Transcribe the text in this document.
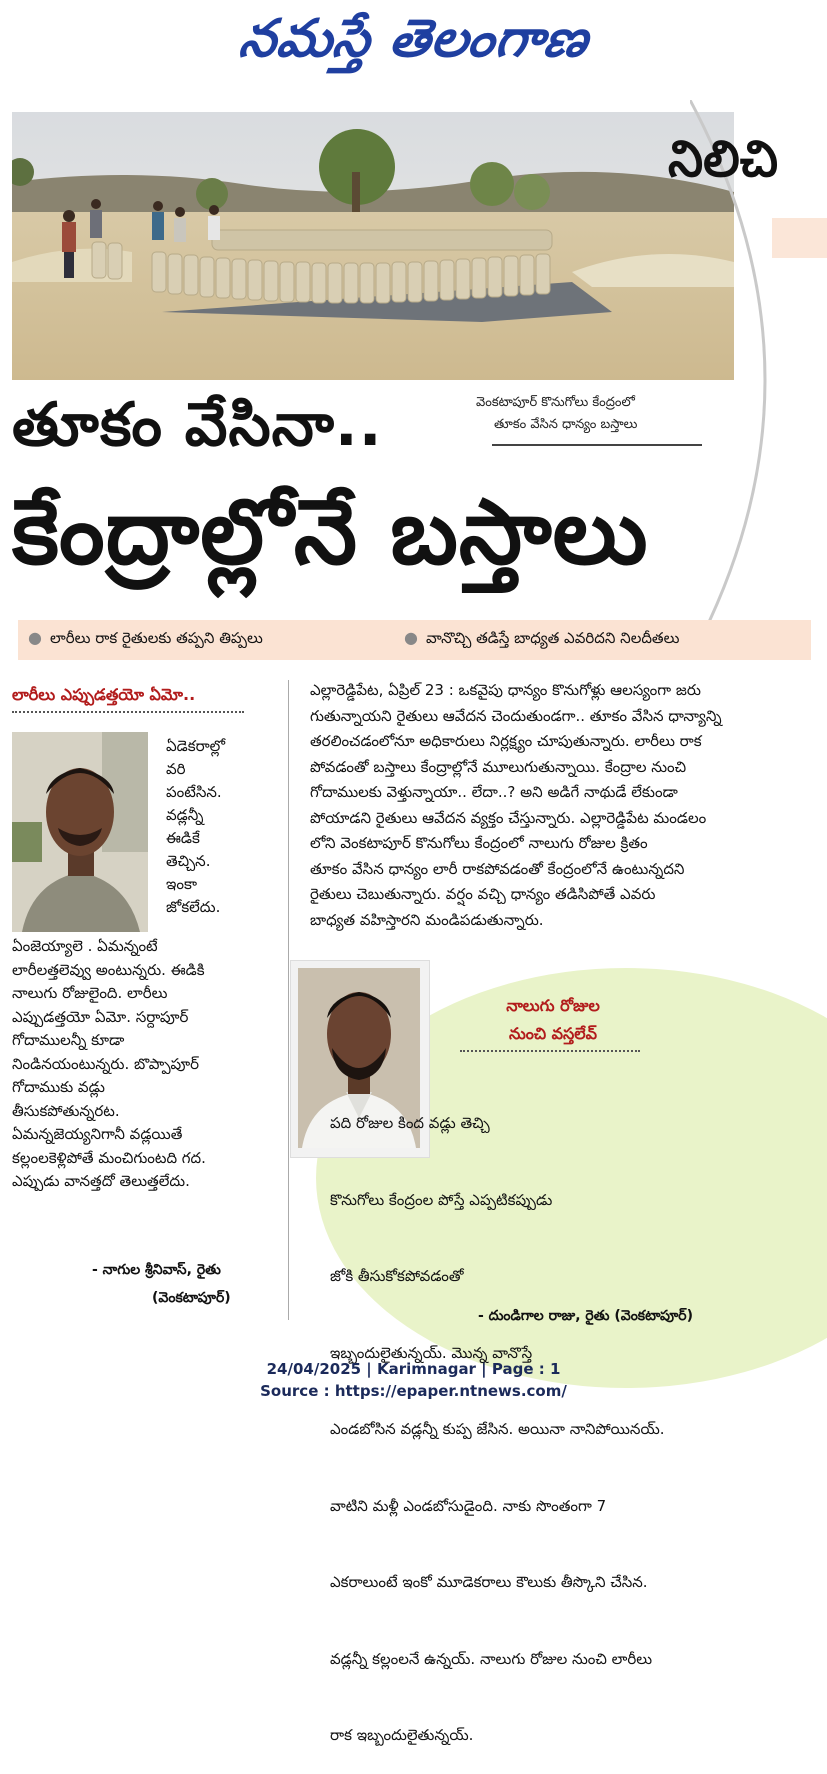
నమస్తే తెలంగాణ
నిలిచి
వెంకటాపూర్ కొనుగోలు కేంద్రంలో
తూకం వేసిన ధాన్యం బస్తాలు
తూకం వేసినా..
కేంద్రాల్లోనే బస్తాలు
● లారీలు రాక రైతులకు తప్పని తిప్పలు	● వానొచ్చి తడిస్తే బాధ్యత ఎవరిదని నిలదీతలు
లారీలు ఎప్పుడత్తయో ఏమో..
ఏడెకరాల్లో
వరి
పంటేసిన.
వడ్లన్నీ
ఈడికే
తెచ్చిన.
ఇంకా
జోకలేదు.
ఏంజెయ్యాలె . ఏమన్నంటే
లారీలత్తలెవ్వు అంటున్నరు. ఈడికి
నాలుగు రోజులైంది. లారీలు
ఎప్పుడత్తయో ఏమో. సర్దాపూర్
గోదాములన్నీ కూడా
నిండినయంటున్నరు. బొప్పాపూర్
గోదాముకు వడ్లు
తీసుకపోతున్నరట.
ఏమన్నజెయ్యనిగానీ వడ్లయితే
కల్లంలకెళ్లిపోతే మంచిగుంటది గద.
ఎప్పుడు వానత్తదో తెలుత్తలేదు.
- నాగుల శ్రీనివాస్, రైతు
(వెంకటాపూర్)
ఎల్లారెడ్డిపేట, ఏప్రిల్ 23 : ఒకవైపు ధాన్యం కొనుగోళ్లు ఆలస్యంగా జరు
గుతున్నాయని రైతులు ఆవేదన చెందుతుండగా.. తూకం వేసిన ధాన్యాన్ని
తరలించడంలోనూ అధికారులు నిర్లక్ష్యం చూపుతున్నారు. లారీలు రాక
పోవడంతో బస్తాలు కేంద్రాల్లోనే మూలుగుతున్నాయి. కేంద్రాల నుంచి
గోదాములకు వెళ్తున్నాయా.. లేదా..? అని అడిగే నాథుడే లేకుండా
పోయాడని రైతులు ఆవేదన వ్యక్తం చేస్తున్నారు. ఎల్లారెడ్డిపేట మండలం
లోని వెంకటాపూర్ కొనుగోలు కేంద్రంలో నాలుగు రోజుల క్రితం
తూకం వేసిన ధాన్యం లారీ రాకపోవడంతో కేంద్రంలోనే ఉంటున్నదని
రైతులు చెబుతున్నారు. వర్షం వచ్చి ధాన్యం తడిసిపోతే ఎవరు
బాధ్యత వహిస్తారని మండిపడుతున్నారు.
నాలుగు రోజుల
నుంచి వస్తలేవ్

పది రోజుల కింద వడ్లు తెచ్చి

కొనుగోలు కేంద్రంల పోస్తే ఎప్పటికప్పుడు

జోకి తీసుకోకపోవడంతో

ఇబ్బందులైతున్నయ్. మొన్న వానొస్తే

ఎండబోసిన వడ్లన్నీ కుప్ప జేసిన. అయినా నానిపోయినయ్.

వాటిని మళ్లీ ఎండబోసుడైంది. నాకు సొంతంగా 7

ఎకరాలుంటే ఇంకో మూడెకరాలు కౌలుకు తీస్కొని చేసిన.

వడ్లన్నీ కల్లంలనే ఉన్నయ్. నాలుగు రోజుల నుంచి లారీలు

రాక ఇబ్బందులైతున్నయ్.

- దుండిగాల రాజు, రైతు (వెంకటాపూర్)
24/04/2025 | Karimnagar | Page : 1
Source : https://epaper.ntnews.com/
